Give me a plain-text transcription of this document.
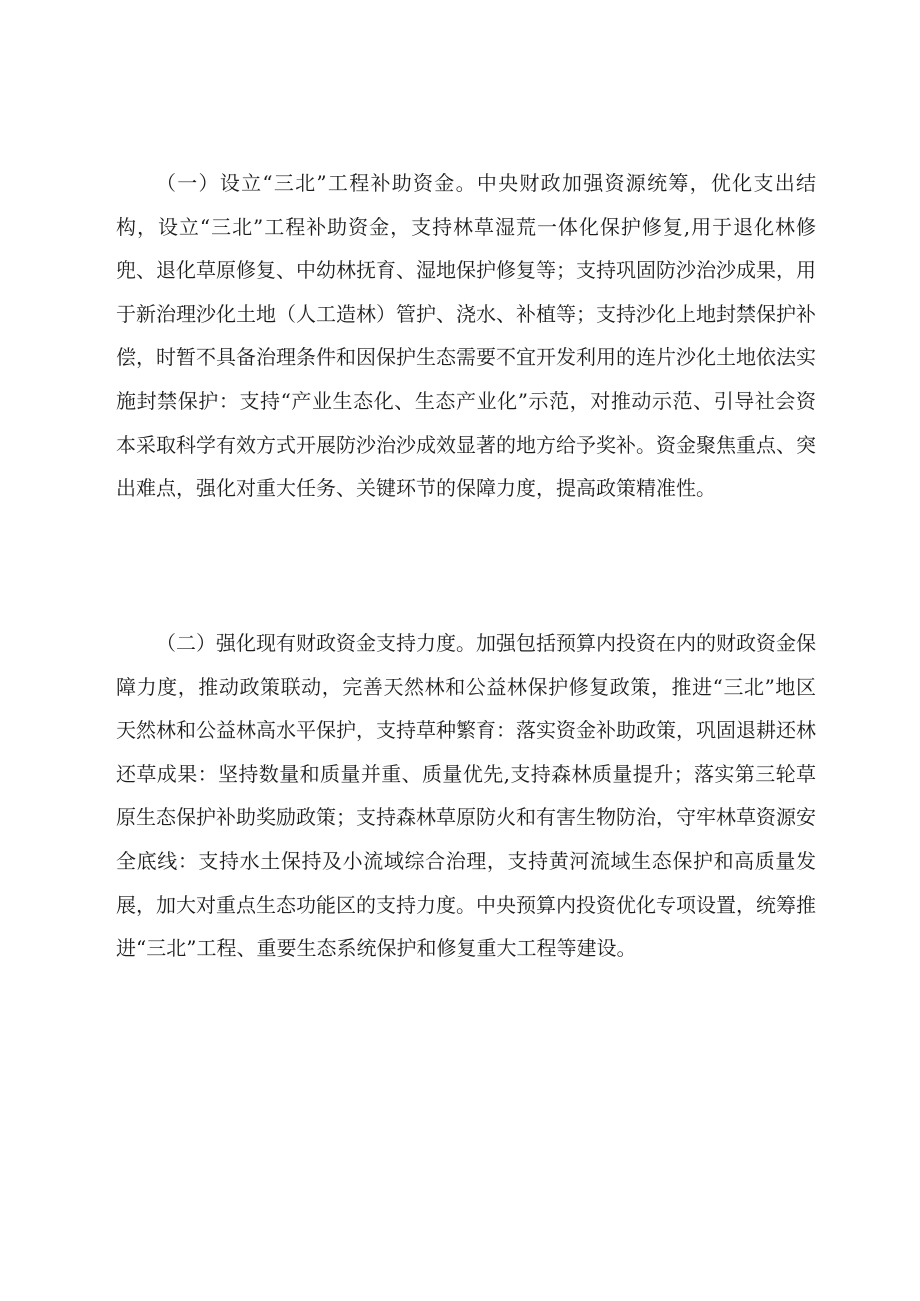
（一）设立“三北”工程补助资金。中央财政加强资源统筹，优化支出结构，设立“三北”工程补助资金，支持林草湿荒一体化保护修复,用于退化林修兜、退化草原修复、中幼林抚育、湿地保护修复等；支持巩固防沙治沙成果，用于新治理沙化土地（人工造林）管护、浇水、补植等；支持沙化上地封禁保护补偿，时暂不具备治理条件和因保护生态需要不宜开发利用的连片沙化土地依法实施封禁保护：支持“产业生态化、生态产业化”示范，对推动示范、引导社会资本采取科学有效方式开展防沙治沙成效显著的地方给予奖补。资金聚焦重点、突出难点，强化对重大任务、关键环节的保障力度，提高政策精准性。

（二）强化现有财政资金支持力度。加强包括预算内投资在内的财政资金保障力度，推动政策联动，完善天然林和公益林保护修复政策，推进“三北”地区天然林和公益林高水平保护，支持草种繁育：落实资金补助政策，巩固退耕还林还草成果：坚持数量和质量并重、质量优先,支持森林质量提升；落实第三轮草原生态保护补助奖励政策；支持森林草原防火和有害生物防治，守牢林草资源安全底线：支持水土保持及小流域综合治理，支持黄河流域生态保护和高质量发展，加大对重点生态功能区的支持力度。中央预算内投资优化专项设置，统筹推进“三北”工程、重要生态系统保护和修复重大工程等建设。
